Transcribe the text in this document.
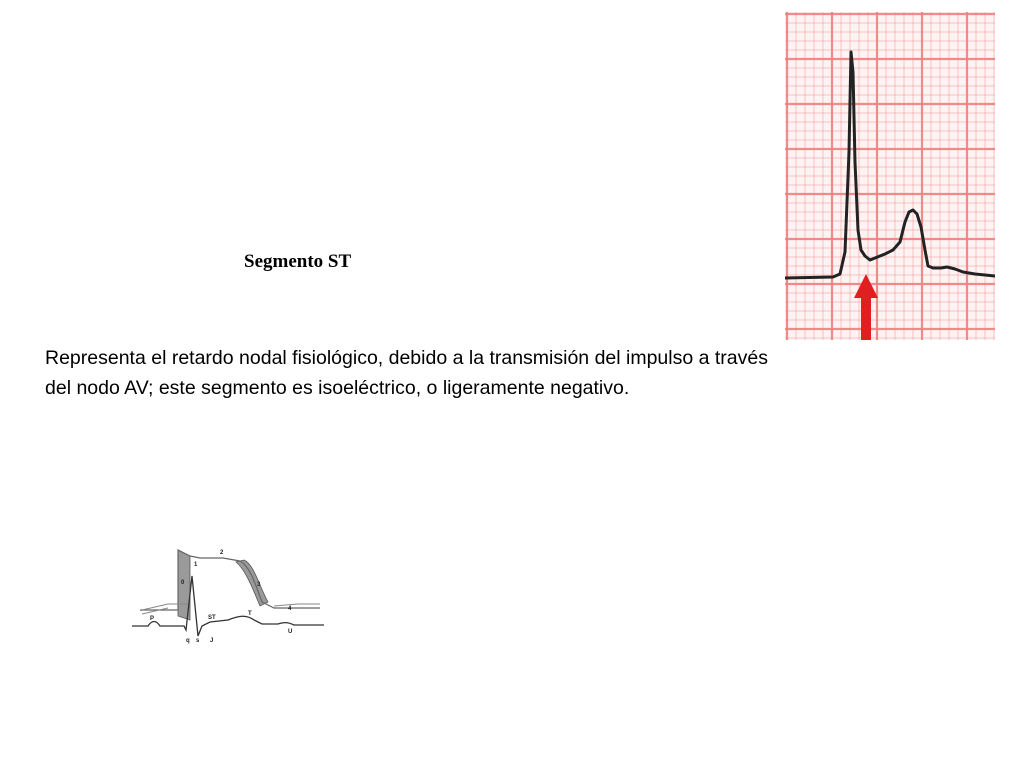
Segmento ST
Representa el retardo nodal fisiológico, debido a la transmisión del impulso a través
del nodo AV; este segmento es isoeléctrico, o ligeramente negativo.
0
1
2
3
4
P	ST
T
U
q s J
